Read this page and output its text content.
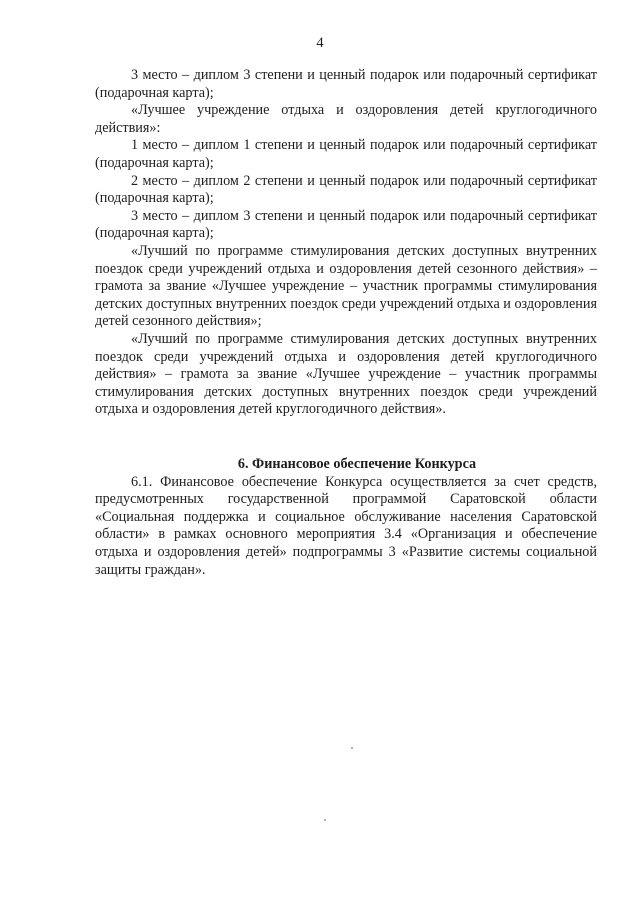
4

3 место – диплом 3 степени и ценный подарок или подарочный сертификат (подарочная карта);

«Лучшее учреждение отдыха и оздоровления детей круглогодичного действия»:

1 место – диплом 1 степени и ценный подарок или подарочный сертификат (подарочная карта);

2 место – диплом 2 степени и ценный подарок или подарочный сертификат (подарочная карта);

3 место – диплом 3 степени и ценный подарок или подарочный сертификат (подарочная карта);

«Лучший по программе стимулирования детских доступных внутренних поездок среди учреждений отдыха и оздоровления детей сезонного действия» – грамота за звание «Лучшее учреждение – участник программы стимулирования детских доступных внутренних поездок среди учреждений отдыха и оздоровления детей сезонного действия»;

«Лучший по программе стимулирования детских доступных внутренних поездок среди учреждений отдыха и оздоровления детей круглогодичного действия» – грамота за звание «Лучшее учреждение – участник программы стимулирования детских доступных внутренних поездок среди учреждений отдыха и оздоровления детей круглогодичного действия».

6. Финансовое обеспечение Конкурса

6.1. Финансовое обеспечение Конкурса осуществляется за счет средств, предусмотренных государственной программой Саратовской области «Социальная поддержка и социальное обслуживание населения Саратовской области» в рамках основного мероприятия 3.4 «Организация и обеспечение отдыха и оздоровления детей» подпрограммы 3 «Развитие системы социальной защиты граждан».
